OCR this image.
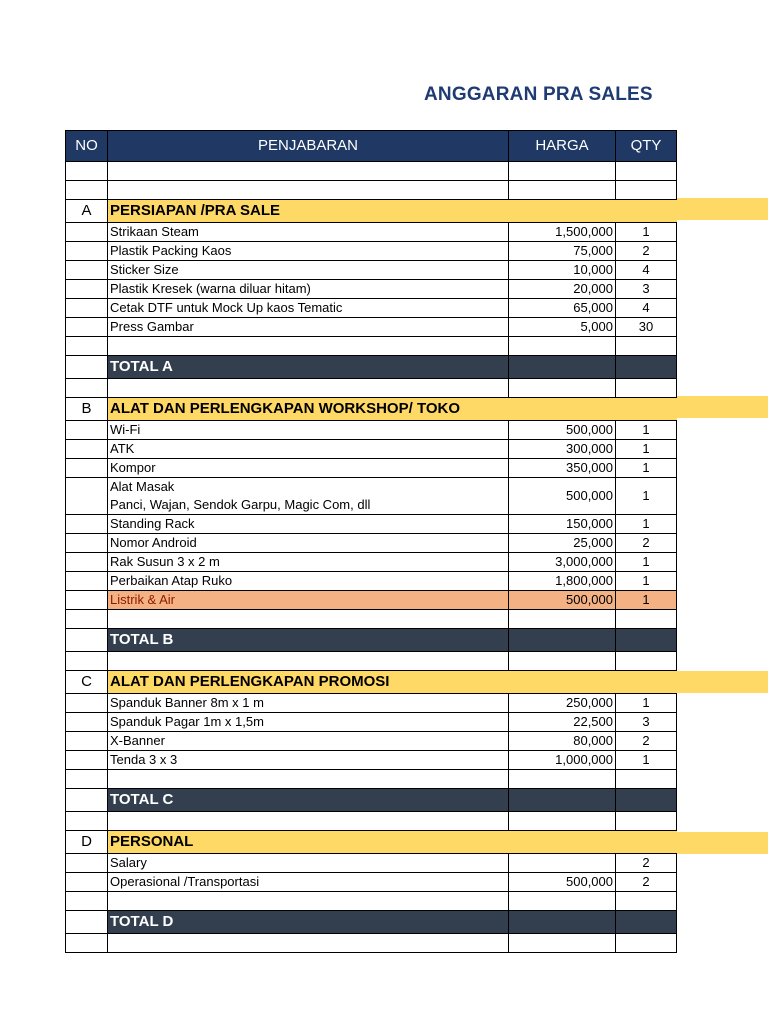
ANGGARAN PRA SALES
NO	PENJABARAN	HARGA	QTY

A	PERSIAPAN /PRA SALE		
	Strikaan Steam	1,500,000	1
	Plastik Packing Kaos	75,000	2
	Sticker Size	10,000	4
	Plastik Kresek (warna diluar hitam)	20,000	3
	Cetak DTF untuk Mock Up kaos Tematic	65,000	4
	Press Gambar	5,000	30

	TOTAL A		

B	ALAT DAN PERLENGKAPAN WORKSHOP/ TOKO		
	Wi-Fi	500,000	1
	ATK	300,000	1
	Kompor	350,000	1

	Alat Masak
Panci, Wajan, Sendok Garpu, Magic Com, dll	500,000	1
	Standing Rack	150,000	1
	Nomor Android	25,000	2
	Rak Susun 3 x 2 m	3,000,000	1
	Perbaikan Atap Ruko	1,800,000	1
	Listrik & Air	500,000	1

	TOTAL B		

C	ALAT DAN PERLENGKAPAN PROMOSI		
	Spanduk Banner 8m x 1 m	250,000	1
	Spanduk Pagar 1m x 1,5m	22,500	3
	X-Banner	80,000	2
	Tenda 3 x 3	1,000,000	1

	TOTAL C		

D	PERSONAL		
	Salary		2
	Operasional /Transportasi	500,000	2

	TOTAL D		
